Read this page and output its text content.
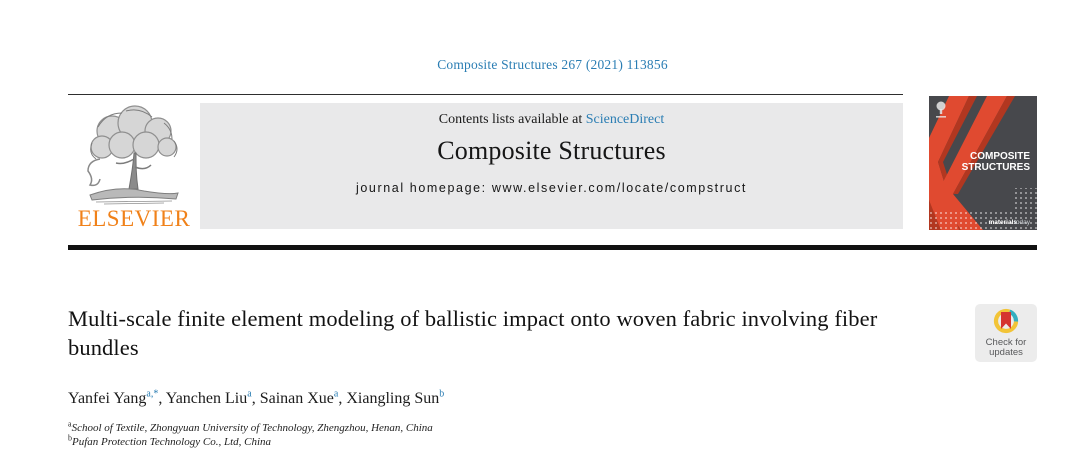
Composite Structures 267 (2021) 113856
ELSEVIER
Contents lists available at ScienceDirect
Composite Structures
journal homepage: www.elsevier.com/locate/compstruct
COMPOSITE
STRUCTURES
materials
today
Multi-scale finite element modeling of ballistic impact onto woven fabric involving fiber bundles	Check for
updates
Yanfei Yang$^{a,*}$, Yanchen Liu$^a$, Sainan Xue$^a$, Xiangling Sun$^b$
$^a$School of Textile, Zhongyuan University of Technology, Zhengzhou, Henan, China
$^b$Pufan Protection Technology Co., Ltd, China
